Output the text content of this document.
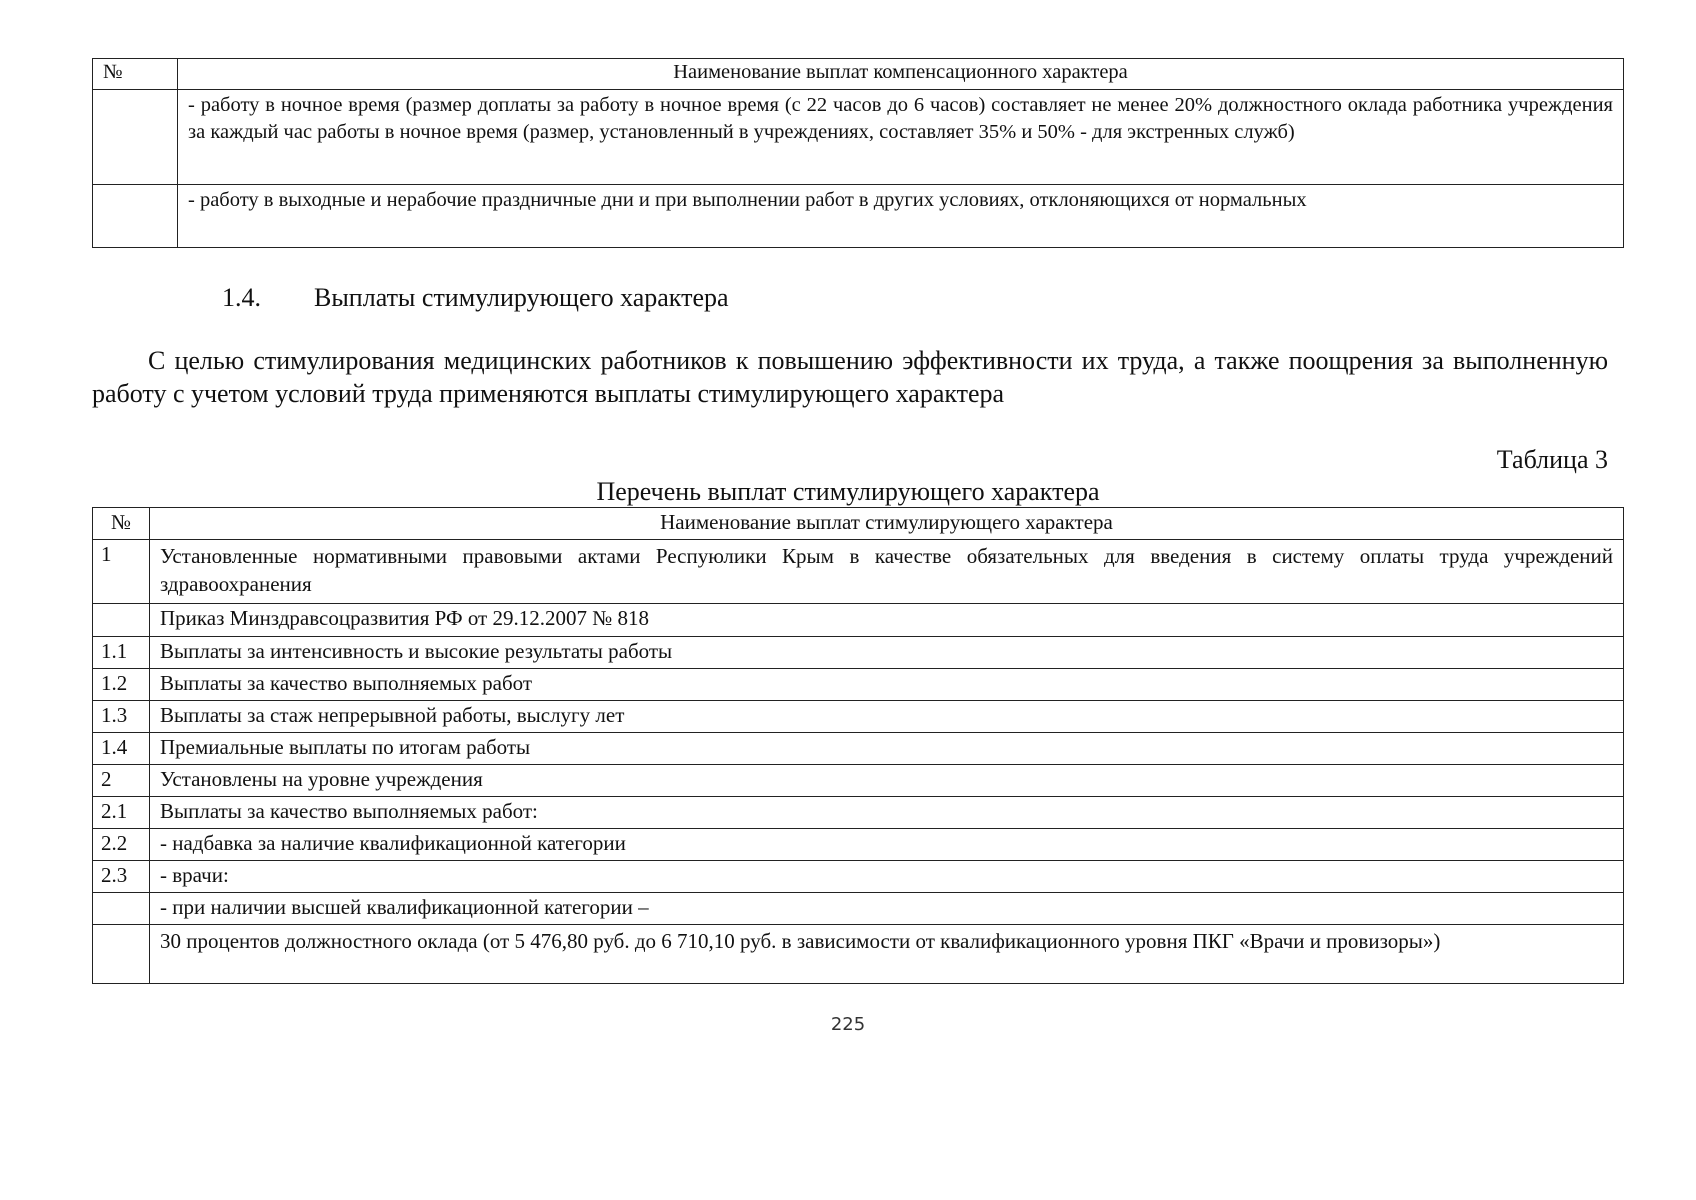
№	Наименование выплат компенсационного характера
	- работу в ночное время (размер доплаты за работу в ночное время (с 22 часов до 6 часов) составляет не менее 20% должностного оклада работника учреждения за каждый час работы в ночное время (размер, установленный в учреждениях, составляет 35% и 50% - для экстренных служб)
	- работу в выходные и нерабочие праздничные дни и при выполнении работ в других условиях, отклоняющихся от нормальных
1.4. Выплаты стимулирующего характера
С целью стимулирования медицинских работников к повышению эффективности их труда, а также поощрения за выполненную работу с учетом условий труда применяются выплаты стимулирующего характера
Таблица 3
Перечень выплат стимулирующего характера
№	Наименование выплат стимулирующего характера
1	Установленные нормативными правовыми актами Респуюлики Крым в качестве обязательных для введения в систему оплаты труда учреждений здравоохранения
	Приказ Минздравсоцразвития РФ от 29.12.2007 № 818
1.1	Выплаты за интенсивность и высокие результаты работы
1.2	Выплаты за качество выполняемых работ
1.3	Выплаты за стаж непрерывной работы, выслугу лет
1.4	Премиальные выплаты по итогам работы
2	Установлены на уровне учреждения
2.1	Выплаты за качество выполняемых работ:
2.2	- надбавка за наличие квалификационной категории
2.3	- врачи:
	- при наличии высшей квалификационной категории –
	30 процентов должностного оклада (от 5 476,80 руб. до 6 710,10 руб. в зависимости от квалификационного уровня ПКГ «Врачи и провизоры»)
225
